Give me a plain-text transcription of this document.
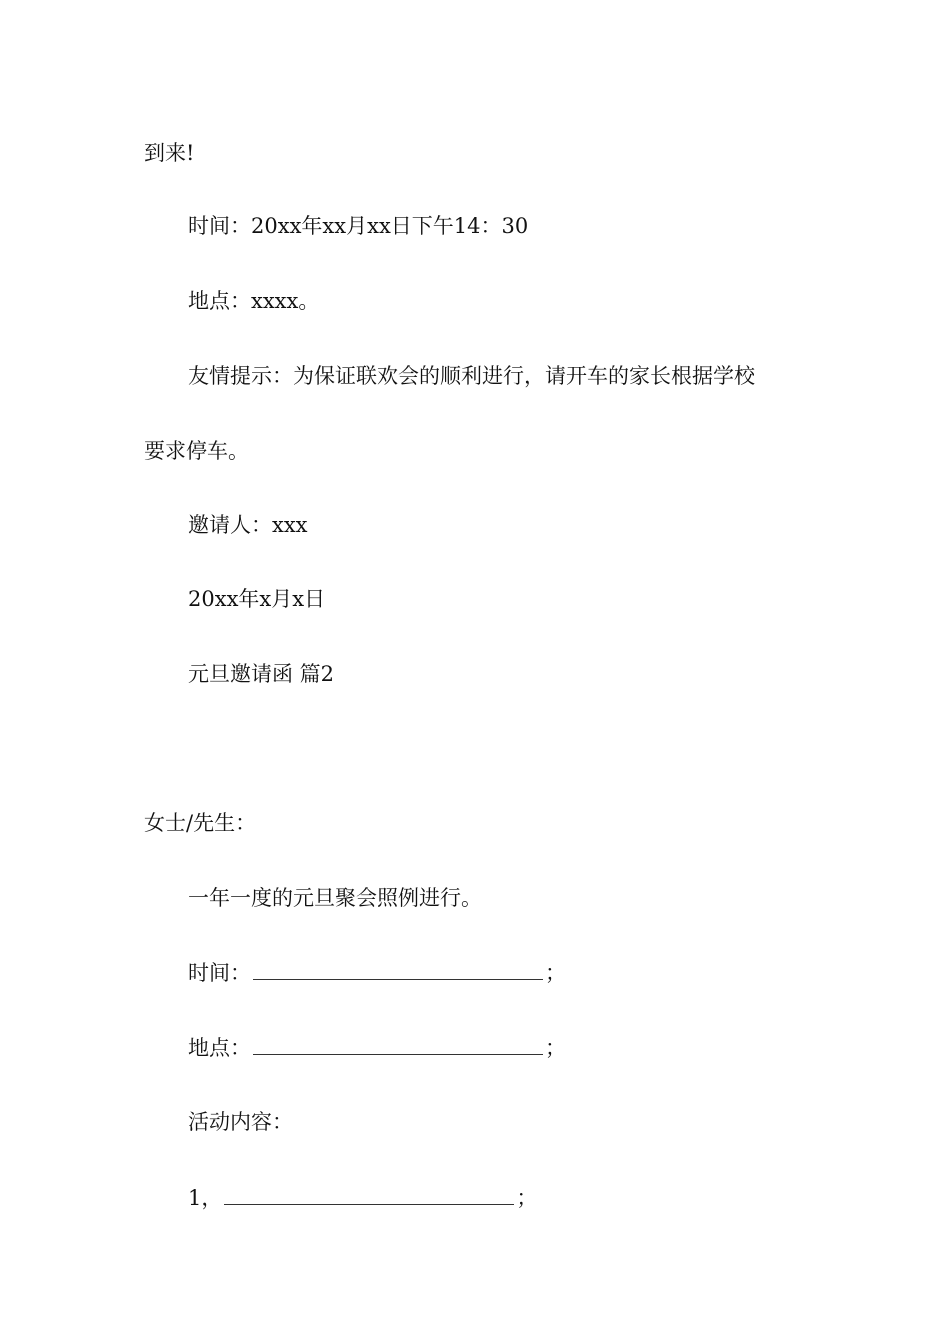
到来!
时间：20xx年xx月xx日下午14：30
地点：xxxx。
友情提示：为保证联欢会的顺利进行，请开车的家长根据学校
要求停车。
邀请人：xxx
20xx年x月x日
元旦邀请函 篇2
女士/先生：
一年一度的元旦聚会照例进行。
时间：	；
地点：	；
活动内容：
1，	；
